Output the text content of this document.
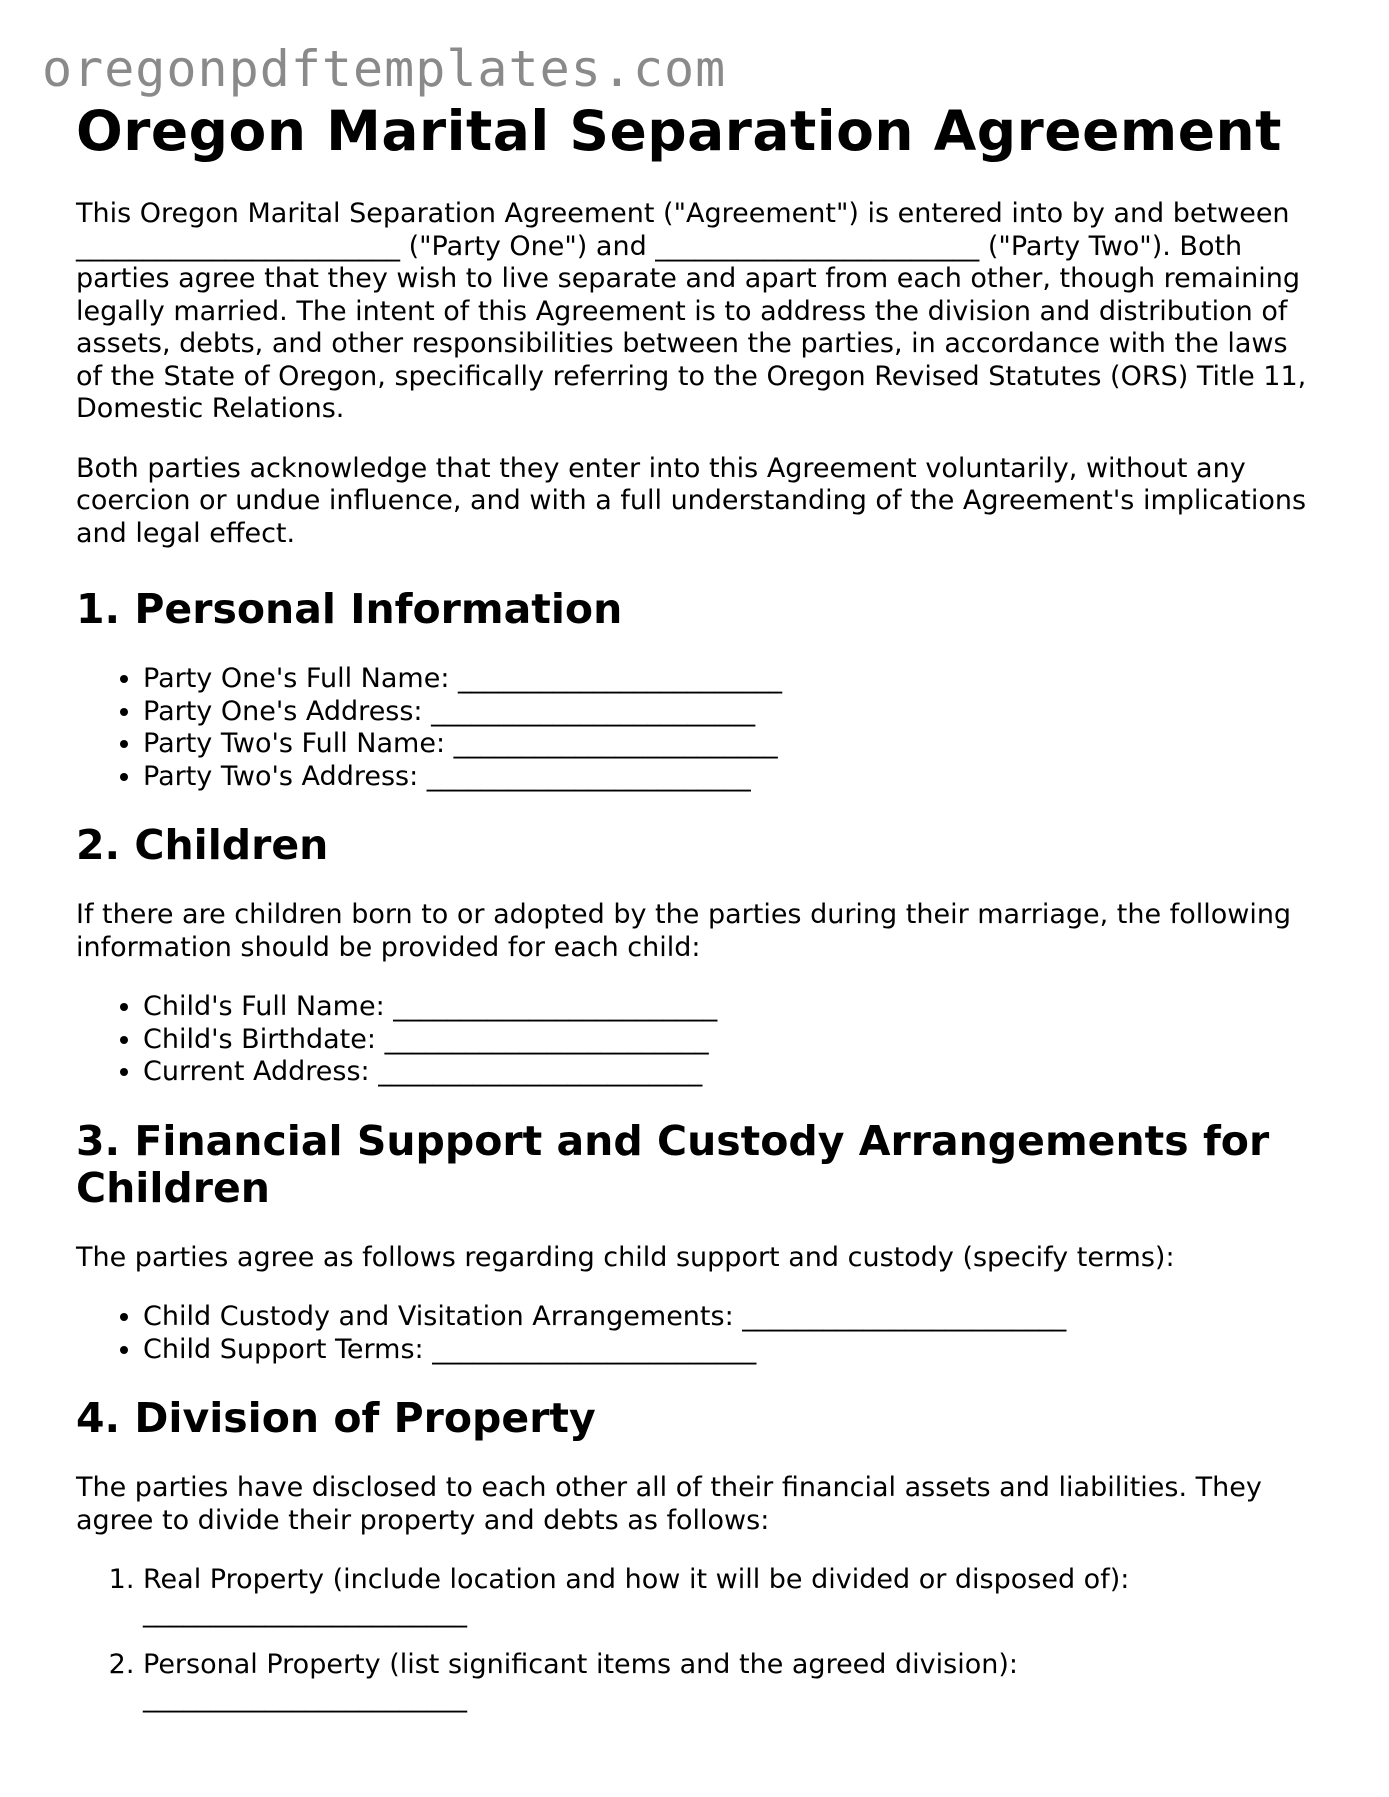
oregonpdftemplates.com
Oregon Marital Separation Agreement

This Oregon Marital Separation Agreement ("Agreement") is entered into by and between ________________________ ("Party One") and ________________________ ("Party Two"). Both parties agree that they wish to live separate and apart from each other, though remaining legally married. The intent of this Agreement is to address the division and distribution of assets, debts, and other responsibilities between the parties, in accordance with the laws of the State of Oregon, specifically referring to the Oregon Revised Statutes (ORS) Title 11, Domestic Relations.

Both parties acknowledge that they enter into this Agreement voluntarily, without any coercion or undue influence, and with a full understanding of the Agreement's implications and legal effect.

1. Personal Information
• Party One's Full Name: ________________________
• Party One's Address: ________________________
• Party Two's Full Name: ________________________
• Party Two's Address: ________________________
2. Children

If there are children born to or adopted by the parties during their marriage, the following information should be provided for each child:

• Child's Full Name: ________________________
• Child's Birthdate: ________________________
• Current Address: ________________________
3. Financial Support and Custody Arrangements for Children

The parties agree as follows regarding child support and custody (specify terms):

• Child Custody and Visitation Arrangements: ________________________
• Child Support Terms: ________________________
4. Division of Property

The parties have disclosed to each other all of their financial assets and liabilities. They agree to divide their property and debts as follows:

1. Real Property (include location and how it will be divided or disposed of):
________________________
2. Personal Property (list significant items and the agreed division):
________________________
